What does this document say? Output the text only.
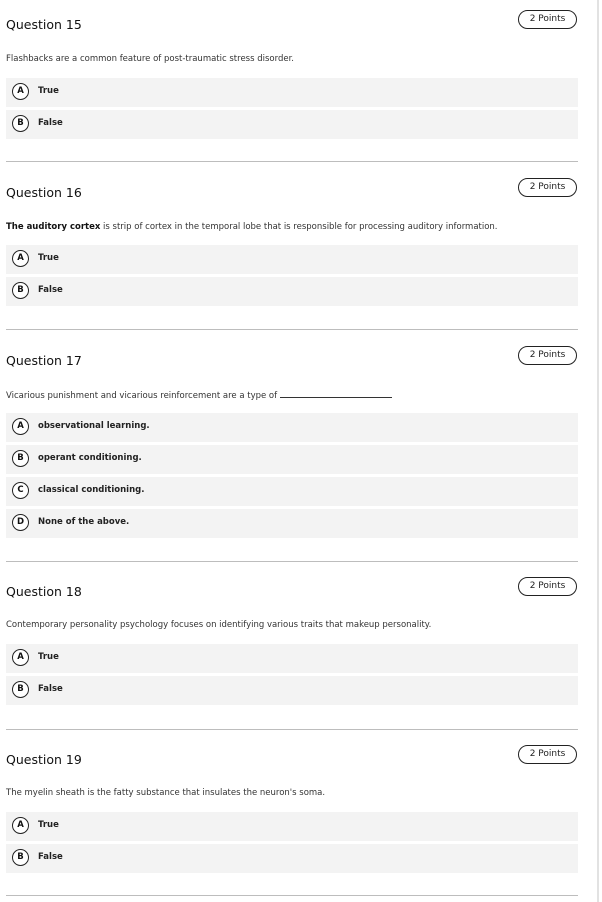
Question 15	2 Points
Flashbacks are a common feature of post-traumatic stress disorder.
A	True
B	False
Question 16	2 Points
The auditory cortex is strip of cortex in the temporal lobe that is responsible for processing auditory information.
A	True
B	False
Question 17	2 Points
Vicarious punishment and vicarious reinforcement are a type of
A	observational learning.
B	operant conditioning.
C	classical conditioning.
D	None of the above.
Question 18	2 Points
Contemporary personality psychology focuses on identifying various traits that makeup personality.
A	True
B	False
Question 19	2 Points
The myelin sheath is the fatty substance that insulates the neuron's soma.
A	True
B	False
